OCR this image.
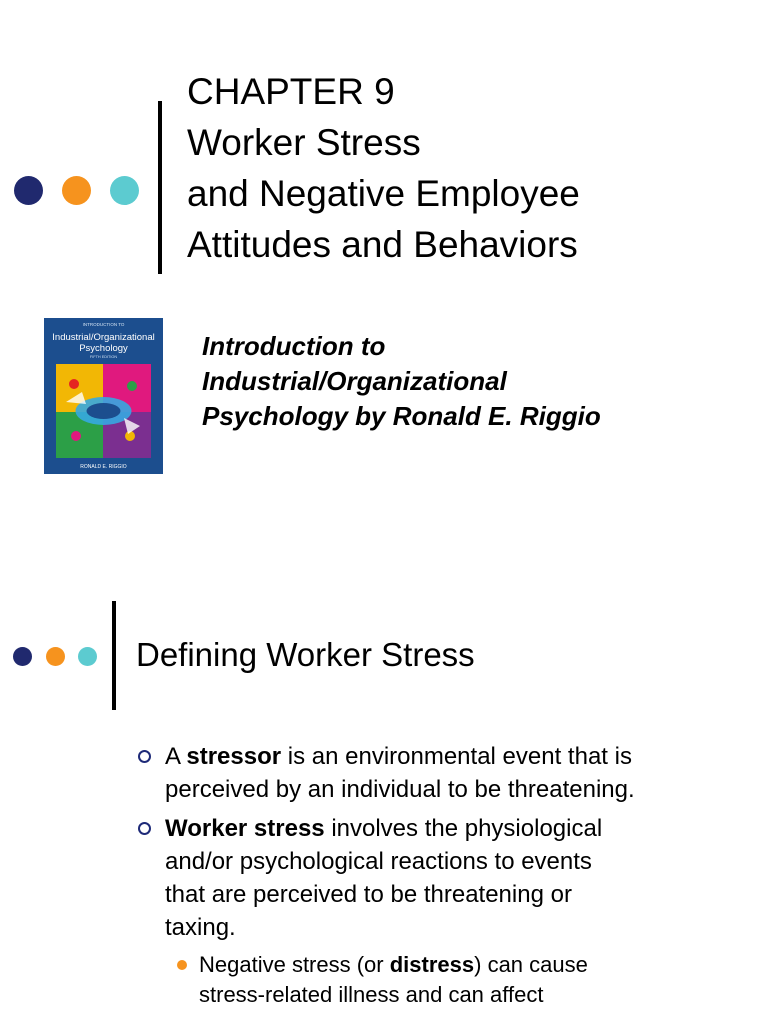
CHAPTER 9
Worker Stress
and Negative Employee
Attitudes and Behaviors
INTRODUCTION TO
Industrial/Organizational
Psychology
FIFTH EDITION
RONALD E. RIGGIO

Introduction to
Industrial/Organizational
Psychology by Ronald E. Riggio

Defining Worker Stress
A stressor is an environmental event that is
perceived by an individual to be threatening.
Worker stress involves the physiological
and/or psychological reactions to events
that are perceived to be threatening or
taxing.
Negative stress (or distress) can cause
stress-related illness and can affect
